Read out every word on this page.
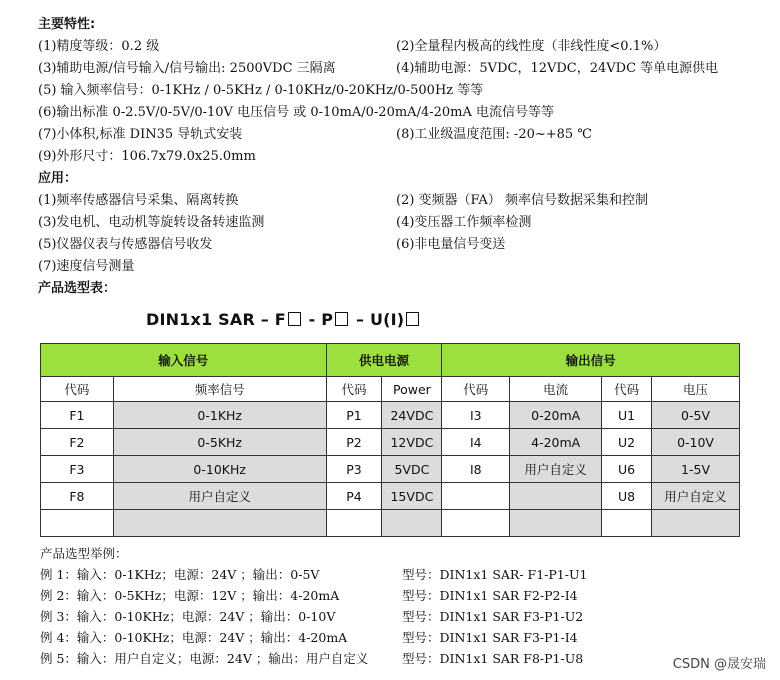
主要特性:
(1)精度等级：0.2 级	(2)全量程内极高的线性度（非线性度<0.1%）
(3)辅助电源/信号输入/信号输出: 2500VDC 三隔离	(4)辅助电源：5VDC，12VDC，24VDC 等单电源供电
(5) 输入频率信号：0-1KHz / 0-5KHz / 0-10KHz/0-20KHz/0-500Hz 等等
(6)输出标准 0-2.5V/0-5V/0-10V 电压信号 或 0-10mA/0-20mA/4-20mA 电流信号等等
(7)小体积,标准 DIN35 导轨式安装	(8)工业级温度范围: -20~+85 ℃
(9)外形尺寸：106.7x79.0x25.0mm
应用：
(1)频率传感器信号采集、隔离转换	(2) 变频器（FA） 频率信号数据采集和控制
(3)发电机、电动机等旋转设备转速监测	(4)变压器工作频率检测
(5)仪器仪表与传感器信号收发	(6)非电量信号变送
(7)速度信号测量
产品选型表：
DIN1x1 SAR – F - P – U(I)
输入信号		供电电源		输出信号			
代码	频率信号	代码	Power	代码	电流	代码	电压
F1	0-1KHz	P1	24VDC	I3	0-20mA	U1	0-5V
F2	0-5KHz	P2	12VDC	I4	4-20mA	U2	0-10V
F3	0-10KHz	P3	5VDC	I8	用户自定义	U6	1-5V
F8	用户自定义	P4	15VDC			U8	用户自定义

产品选型举例：
例 1：输入：0-1KHz；电源：24V ；输出：0-5V	型号：DIN1x1 SAR- F1-P1-U1
例 2：输入：0-5KHz；电源：12V ；输出：4-20mA	型号：DIN1x1 SAR F2-P2-I4
例 3：输入：0-10KHz；电源：24V ；输出：0-10V	型号：DIN1x1 SAR F3-P1-U2
例 4：输入：0-10KHz；电源：24V ；输出：4-20mA	型号：DIN1x1 SAR F3-P1-I4
例 5：输入：用户自定义；电源：24V ；输出：用户自定义	型号：DIN1x1 SAR F8-P1-U8	CSDN @晟安瑞
